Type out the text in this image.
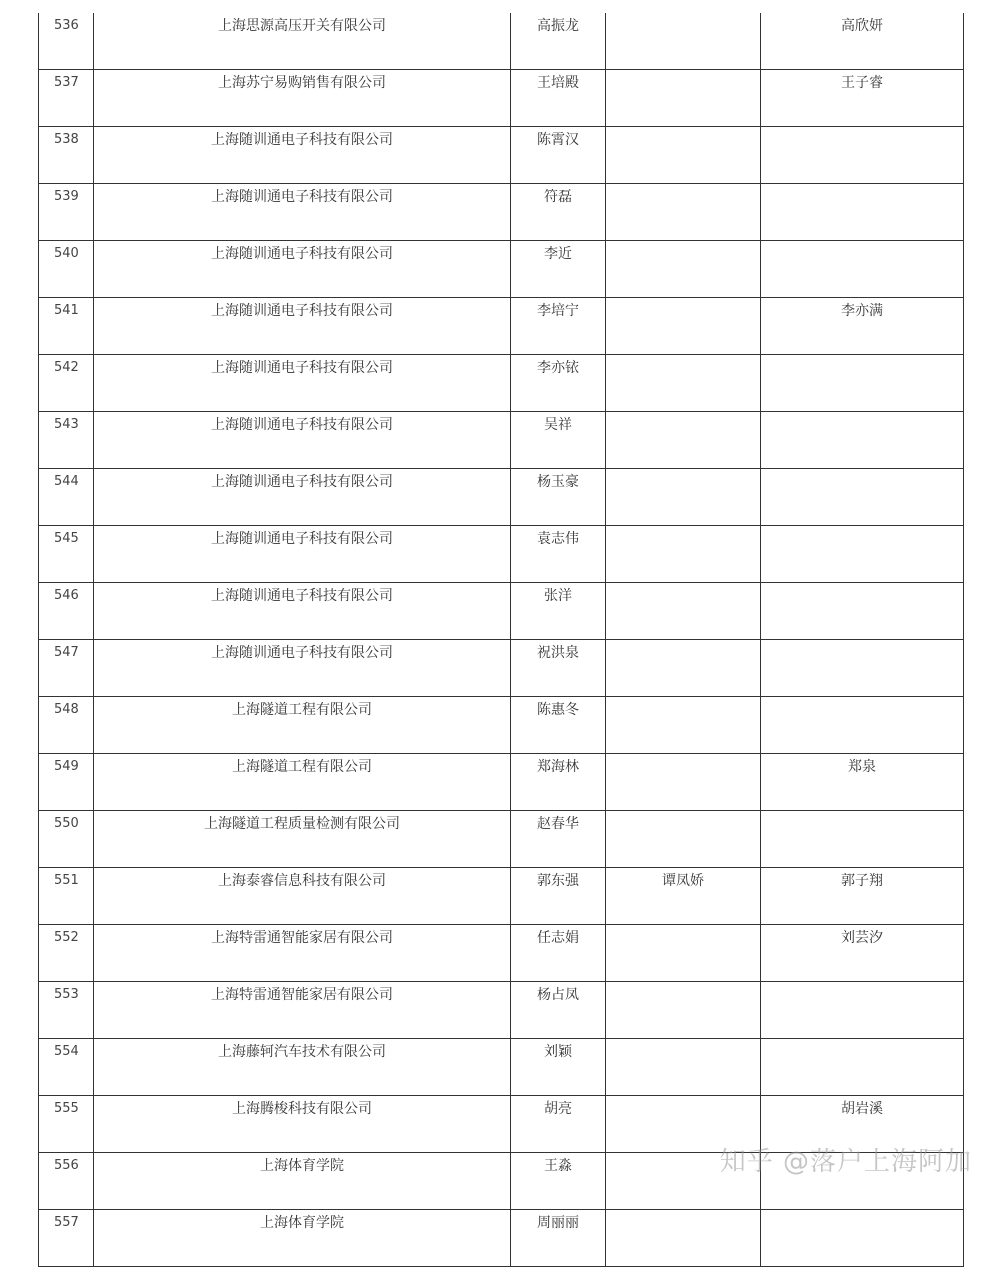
536	上海思源高压开关有限公司	高振龙		高欣妍
537	上海苏宁易购销售有限公司	王培殿		王子睿
538	上海随训通电子科技有限公司	陈霄汉		
539	上海随训通电子科技有限公司	符磊		
540	上海随训通电子科技有限公司	李近		
541	上海随训通电子科技有限公司	李培宁		李亦满
542	上海随训通电子科技有限公司	李亦铱		
543	上海随训通电子科技有限公司	吴祥		
544	上海随训通电子科技有限公司	杨玉豪		
545	上海随训通电子科技有限公司	袁志伟		
546	上海随训通电子科技有限公司	张洋		
547	上海随训通电子科技有限公司	祝洪泉		
548	上海隧道工程有限公司	陈惠冬		
549	上海隧道工程有限公司	郑海林		郑泉
550	上海隧道工程质量检测有限公司	赵春华		
551	上海泰睿信息科技有限公司	郭东强	谭凤娇	郭子翔
552	上海特雷通智能家居有限公司	任志娟		刘芸汐
553	上海特雷通智能家居有限公司	杨占凤		
554	上海藤轲汽车技术有限公司	刘颖		
555	上海腾梭科技有限公司	胡亮		胡岩溪
556	上海体育学院	王淼		
557	上海体育学院	周丽丽		
知乎 @落户上海阿加
